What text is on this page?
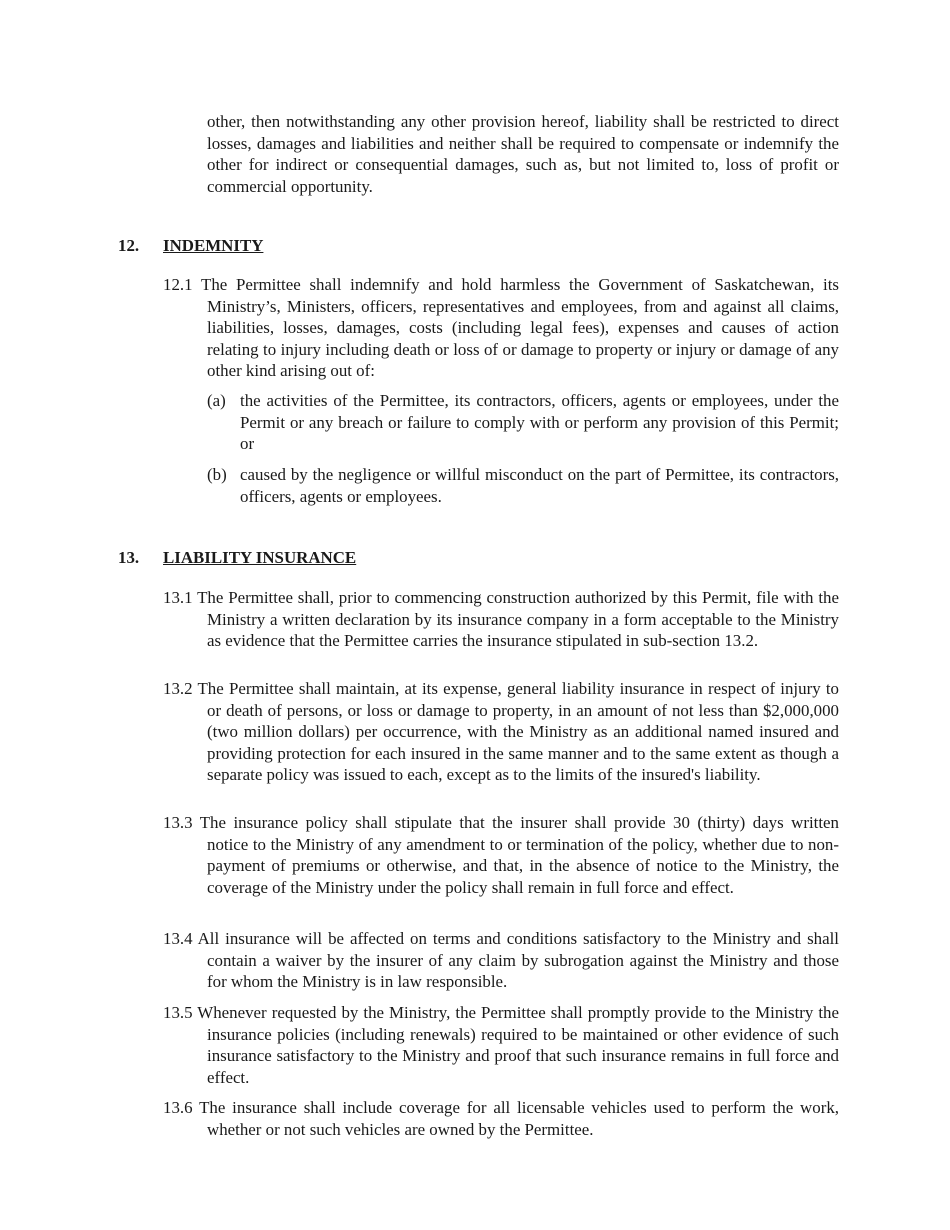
other, then notwithstanding any other provision hereof, liability shall be restricted to direct losses, damages and liabilities and neither shall be required to compensate or indemnify the other for indirect or consequential damages, such as, but not limited to, loss of profit or commercial opportunity.

12. INDEMNITY

12.1 The Permittee shall indemnify and hold harmless the Government of Saskatchewan, its Ministry’s, Ministers, officers, representatives and employees, from and against all claims, liabilities, losses, damages, costs (including legal fees), expenses and causes of action relating to injury including death or loss of or damage to property or injury or damage of any other kind arising out of:

(a) the activities of the Permittee, its contractors, officers, agents or employees, under the Permit or any breach or failure to comply with or perform any provision of this Permit; or
(b) caused by the negligence or willful misconduct on the part of Permittee, its contractors, officers, agents or employees.
13. LIABILITY INSURANCE

13.1 The Permittee shall, prior to commencing construction authorized by this Permit, file with the Ministry a written declaration by its insurance company in a form acceptable to the Ministry as evidence that the Permittee carries the insurance stipulated in sub-section 13.2.

13.2 The Permittee shall maintain, at its expense, general liability insurance in respect of injury to or death of persons, or loss or damage to property, in an amount of not less than $2,000,000 (two million dollars) per occurrence, with the Ministry as an additional named insured and providing protection for each insured in the same manner and to the same extent as though a separate policy was issued to each, except as to the limits of the insured's liability.

13.3 The insurance policy shall stipulate that the insurer shall provide 30 (thirty) days written notice to the Ministry of any amendment to or termination of the policy, whether due to non-payment of premiums or otherwise, and that, in the absence of notice to the Ministry, the coverage of the Ministry under the policy shall remain in full force and effect.

13.4 All insurance will be affected on terms and conditions satisfactory to the Ministry and shall contain a waiver by the insurer of any claim by subrogation against the Ministry and those for whom the Ministry is in law responsible.

13.5 Whenever requested by the Ministry, the Permittee shall promptly provide to the Ministry the insurance policies (including renewals) required to be maintained or other evidence of such insurance satisfactory to the Ministry and proof that such insurance remains in full force and effect.

13.6 The insurance shall include coverage for all licensable vehicles used to perform the work, whether or not such vehicles are owned by the Permittee.
